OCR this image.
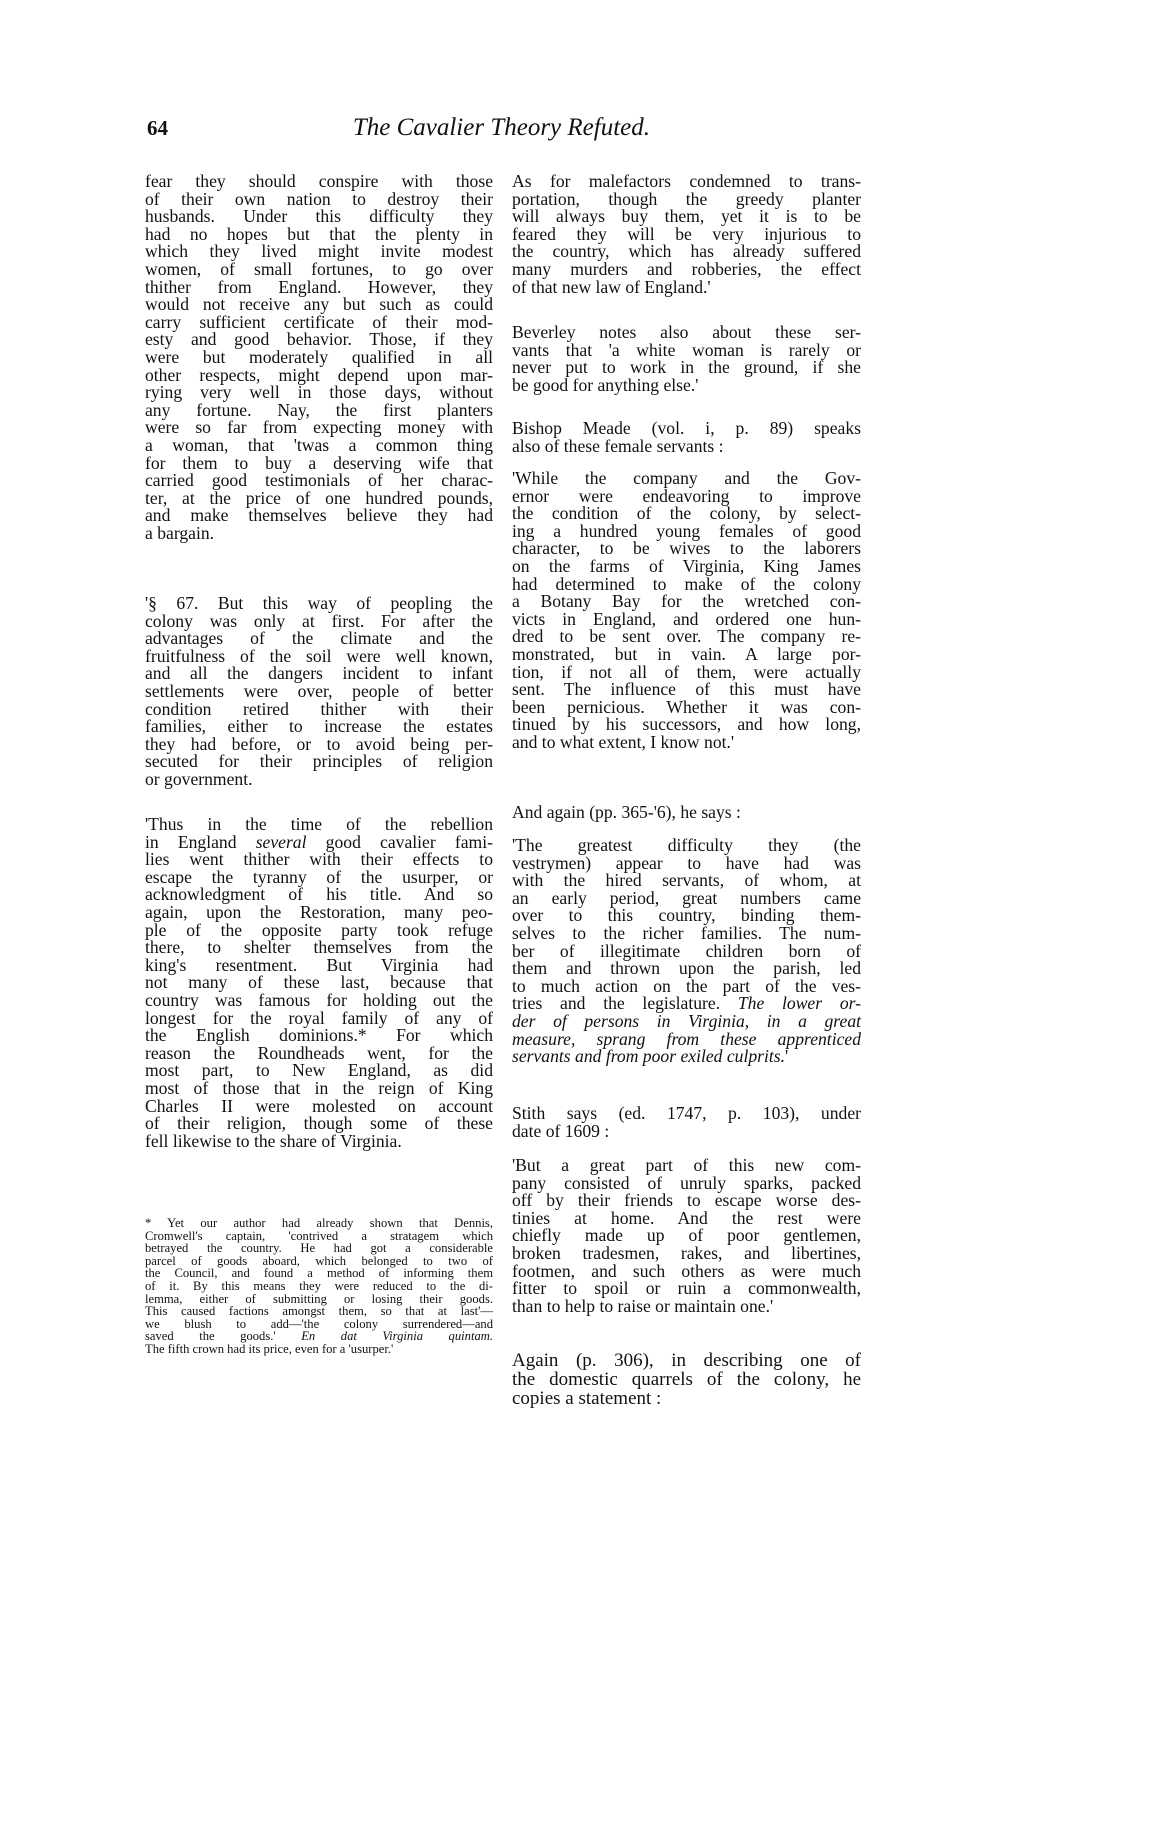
64	The Cavalier Theory Refuted.
fear they should conspire with those
of their own nation to destroy their
husbands. Under this difficulty they
had no hopes but that the plenty in
which they lived might invite modest
women, of small fortunes, to go over
thither from England. However, they
would not receive any but such as could
carry sufficient certificate of their mod-
esty and good behavior. Those, if they
were but moderately qualified in all
other respects, might depend upon mar-
rying very well in those days, without
any fortune. Nay, the first planters
were so far from expecting money with
a woman, that 'twas a common thing
for them to buy a deserving wife that
carried good testimonials of her charac-
ter, at the price of one hundred pounds,
and make themselves believe they had
a bargain.
'§ 67. But this way of peopling the
colony was only at first. For after the
advantages of the climate and the
fruitfulness of the soil were well known,
and all the dangers incident to infant
settlements were over, people of better
condition retired thither with their
families, either to increase the estates
they had before, or to avoid being per-
secuted for their principles of religion
or government.
'Thus in the time of the rebellion
in England several good cavalier fami-
lies went thither with their effects to
escape the tyranny of the usurper, or
acknowledgment of his title. And so
again, upon the Restoration, many peo-
ple of the opposite party took refuge
there, to shelter themselves from the
king's resentment. But Virginia had
not many of these last, because that
country was famous for holding out the
longest for the royal family of any of
the English dominions.* For which
reason the Roundheads went, for the
most part, to New England, as did
most of those that in the reign of King
Charles II were molested on account
of their religion, though some of these
fell likewise to the share of Virginia.
* Yet our author had already shown that Dennis,
Cromwell's captain, 'contrived a stratagem which
betrayed the country. He had got a considerable
parcel of goods aboard, which belonged to two of
the Council, and found a method of informing them
of it. By this means they were reduced to the di-
lemma, either of submitting or losing their goods.
This caused factions amongst them, so that at last'—
we blush to add—'the colony surrendered—and
saved the goods.' En dat Virginia quintam.
The fifth crown had its price, even for a 'usurper.'
As for malefactors condemned to trans-
portation, though the greedy planter
will always buy them, yet it is to be
feared they will be very injurious to
the country, which has already suffered
many murders and robberies, the effect
of that new law of England.'
Beverley notes also about these ser-
vants that 'a white woman is rarely or
never put to work in the ground, if she
be good for anything else.'
Bishop Meade (vol. i, p. 89) speaks
also of these female servants :
'While the company and the Gov-
ernor were endeavoring to improve
the condition of the colony, by select-
ing a hundred young females of good
character, to be wives to the laborers
on the farms of Virginia, King James
had determined to make of the colony
a Botany Bay for the wretched con-
victs in England, and ordered one hun-
dred to be sent over. The company re-
monstrated, but in vain. A large por-
tion, if not all of them, were actually
sent. The influence of this must have
been pernicious. Whether it was con-
tinued by his successors, and how long,
and to what extent, I know not.'
And again (pp. 365-'6), he says :
'The greatest difficulty they (the
vestrymen) appear to have had was
with the hired servants, of whom, at
an early period, great numbers came
over to this country, binding them-
selves to the richer families. The num-
ber of illegitimate children born of
them and thrown upon the parish, led
to much action on the part of the ves-
tries and the legislature. The lower or-
der of persons in Virginia, in a great
measure, sprang from these apprenticed
servants and from poor exiled culprits.'
Stith says (ed. 1747, p. 103), under
date of 1609 :
'But a great part of this new com-
pany consisted of unruly sparks, packed
off by their friends to escape worse des-
tinies at home. And the rest were
chiefly made up of poor gentlemen,
broken tradesmen, rakes, and libertines,
footmen, and such others as were much
fitter to spoil or ruin a commonwealth,
than to help to raise or maintain one.'
Again (p. 306), in describing one of
the domestic quarrels of the colony, he
copies a statement :
